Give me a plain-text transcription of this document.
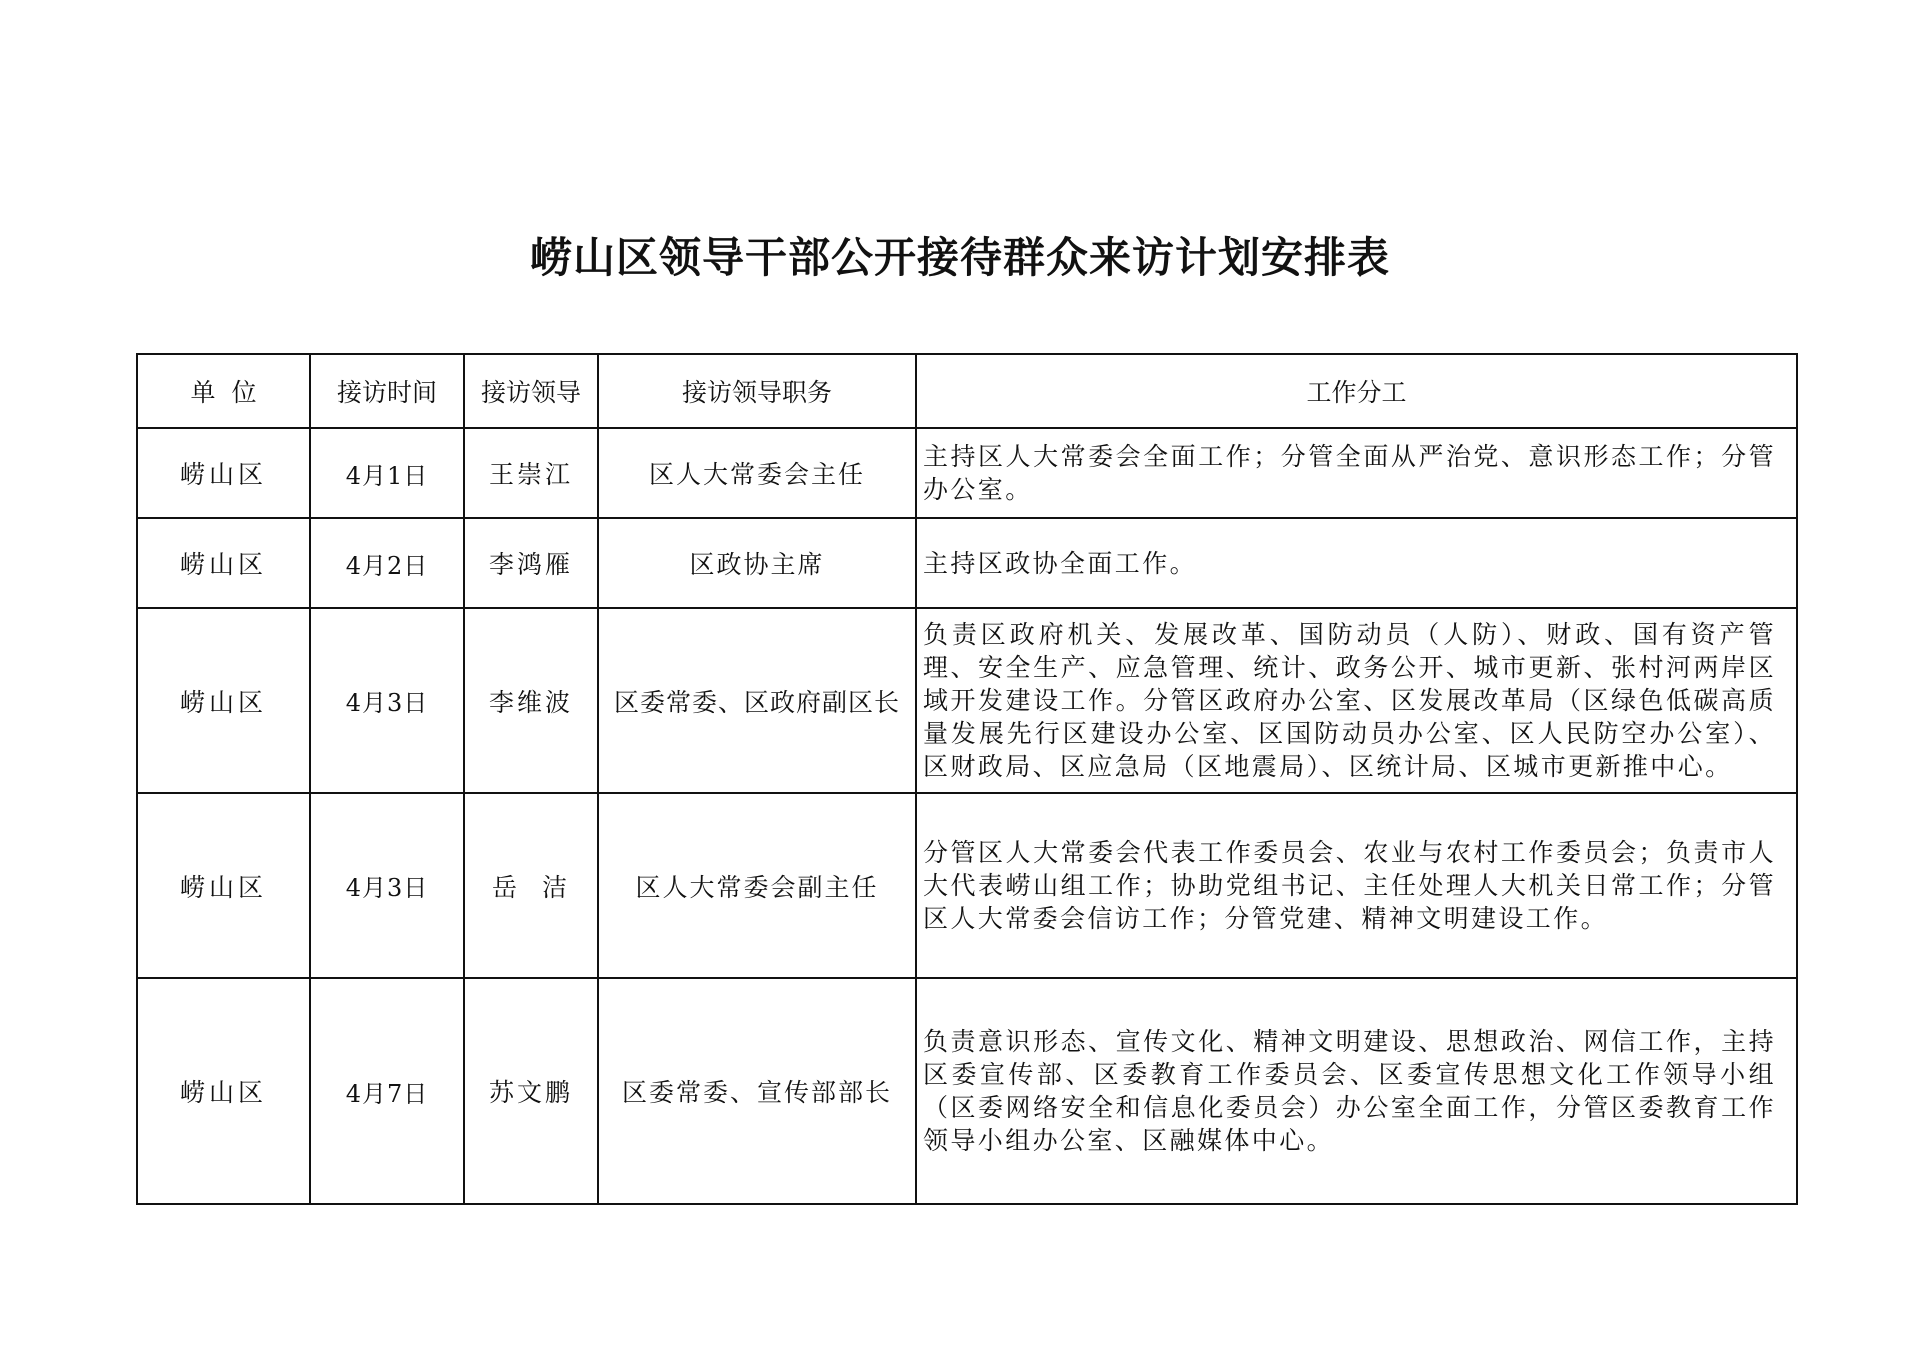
崂山区领导干部公开接待群众来访计划安排表
单  位	接访时间	接访领导	接访领导职务	工作分工
崂山区	4月1日	王崇江	区人大常委会主任	主持区人大常委会全面工作；分管全面从严治党、意识形态工作；分管办公室。
崂山区	4月2日	李鸿雁	区政协主席	主持区政协全面工作。
崂山区	4月3日	李维波	区委常委、区政府副区长	负责区政府机关、发展改革、国防动员（人防）、财政、国有资产管理、安全生产、应急管理、统计、政务公开、城市更新、张村河两岸区域开发建设工作。分管区政府办公室、区发展改革局（区绿色低碳高质量发展先行区建设办公室、区国防动员办公室、区人民防空办公室）、区财政局、区应急局（区地震局）、区统计局、区城市更新推中心。
崂山区	4月3日	岳  洁	区人大常委会副主任	分管区人大常委会代表工作委员会、农业与农村工作委员会；负责市人大代表崂山组工作；协助党组书记、主任处理人大机关日常工作；分管区人大常委会信访工作；分管党建、精神文明建设工作。
崂山区	4月7日	苏文鹏	区委常委、宣传部部长	负责意识形态、宣传文化、精神文明建设、思想政治、网信工作，主持区委宣传部、区委教育工作委员会、区委宣传思想文化工作领导小组（区委网络安全和信息化委员会）办公室全面工作，分管区委教育工作领导小组办公室、区融媒体中心。
